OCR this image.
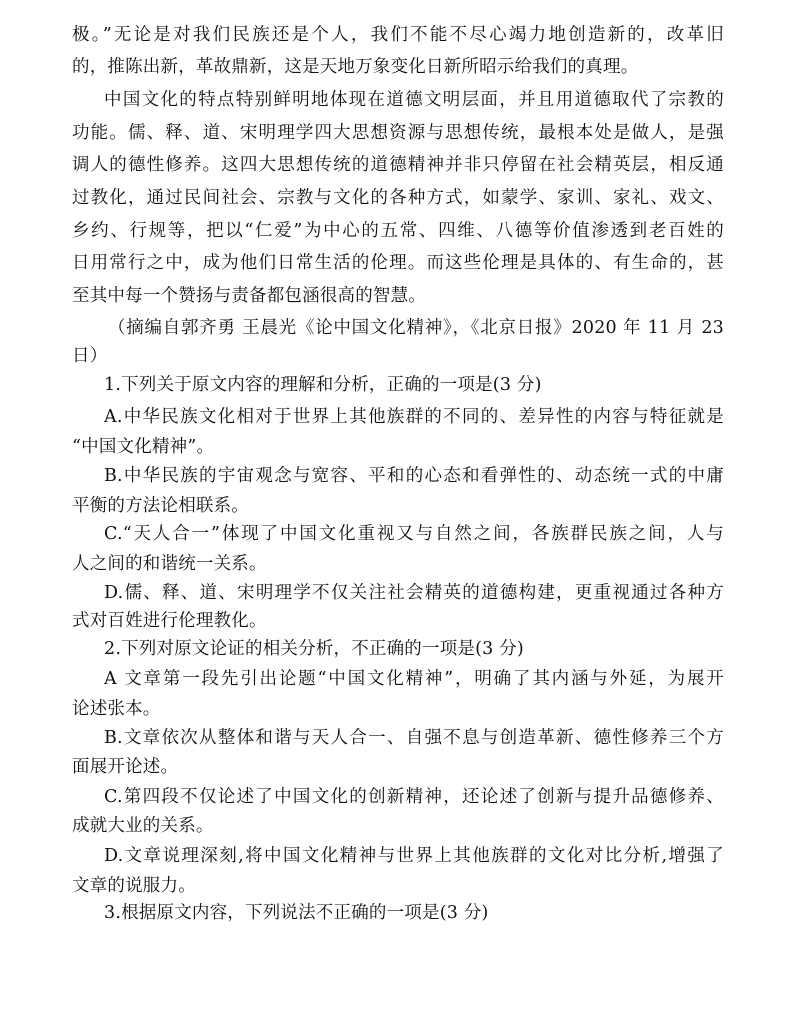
极。”无论是对我们民族还是个人，我们不能不尽心竭力地创造新的，改革旧
的，推陈出新，革故鼎新，这是天地万象变化日新所昭示给我们的真理。
中国文化的特点特别鲜明地体现在道德文明层面，并且用道德取代了宗教的
功能。儒、释、道、宋明理学四大思想资源与思想传统，最根本处是做人，是强
调人的德性修养。这四大思想传统的道德精神并非只停留在社会精英层，相反通
过教化，通过民间社会、宗教与文化的各种方式，如蒙学、家训、家礼、戏文、
乡约、行规等，把以“仁爱”为中心的五常、四维、八德等价值渗透到老百姓的
日用常行之中，成为他们日常生活的伦理。而这些伦理是具体的、有生命的，甚
至其中每一个赞扬与责备都包涵很高的智慧。
（摘编自郭齐勇 王晨光《论中国文化精神》，《北京日报》2020 年 11 月 23
日）
1.下列关于原文内容的理解和分析，正确的一项是(3 分)
A.中华民族文化相对于世界上其他族群的不同的、差异性的内容与特征就是
“中国文化精神”。
B.中华民族的宇宙观念与宽容、平和的心态和看弹性的、动态统一式的中庸
平衡的方法论相联系。
C.“天人合一”体现了中国文化重视又与自然之间，各族群民族之间，人与
人之间的和谐统一关系。
D.儒、释、道、宋明理学不仅关注社会精英的道德构建，更重视通过各种方
式对百姓进行伦理教化。
2.下列对原文论证的相关分析，不正确的一项是(3 分)
A 文章第一段先引出论题“中国文化精神”，明确了其内涵与外延，为展开
论述张本。
B.文章依次从整体和谐与天人合一、自强不息与创造革新、德性修养三个方
面展开论述。
C.第四段不仅论述了中国文化的创新精神，还论述了创新与提升品德修养、
成就大业的关系。
D.文章说理深刻,将中国文化精神与世界上其他族群的文化对比分析,增强了
文章的说服力。
3.根据原文内容，下列说法不正确的一项是(3 分)
